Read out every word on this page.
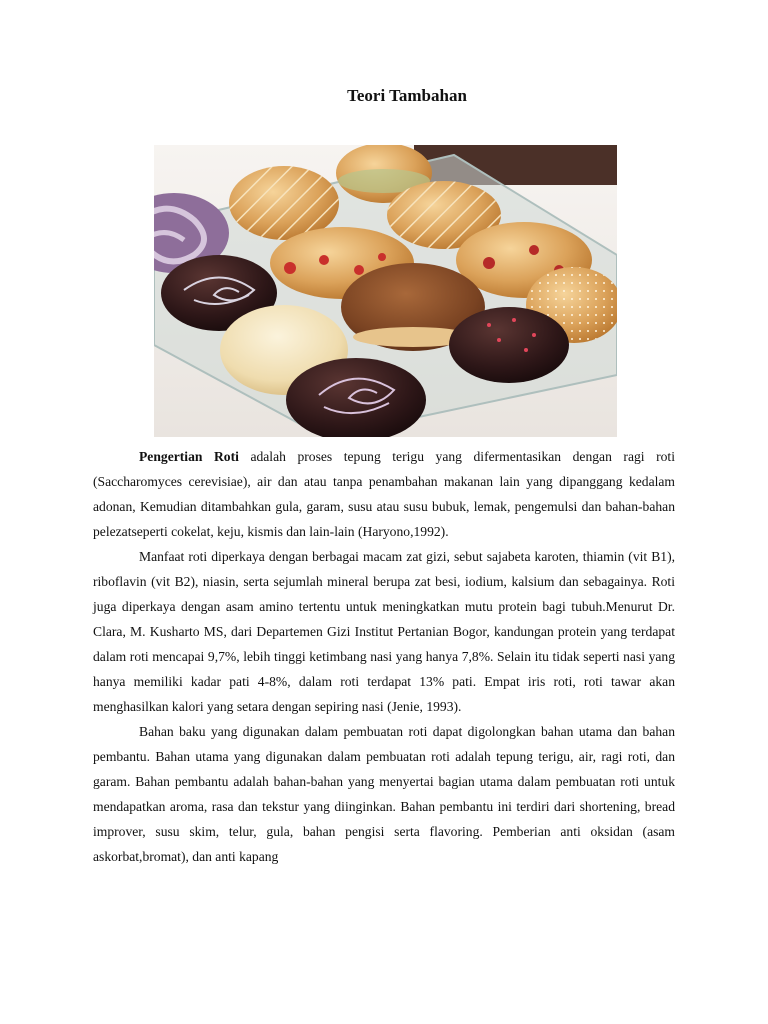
Teori Tambahan

Pengertian Roti adalah proses tepung terigu yang difermentasikan dengan ragi roti (Saccharomyces cerevisiae), air dan atau tanpa penambahan makanan lain yang dipanggang kedalam adonan, Kemudian ditambahkan gula, garam, susu atau susu bubuk, lemak, pengemulsi dan bahan-bahan pelezatseperti cokelat, keju, kismis dan lain-lain (Haryono,1992).

Manfaat roti diperkaya dengan berbagai macam zat gizi, sebut sajabeta karoten, thiamin (vit B1), riboflavin (vit B2), niasin, serta sejumlah mineral berupa zat besi, iodium, kalsium dan sebagainya. Roti juga diperkaya dengan asam amino tertentu untuk meningkatkan mutu protein bagi tubuh.Menurut Dr. Clara, M. Kusharto MS, dari Departemen Gizi Institut Pertanian Bogor, kandungan protein yang terdapat dalam roti mencapai 9,7%, lebih tinggi ketimbang nasi yang hanya 7,8%. Selain itu tidak seperti nasi yang hanya memiliki kadar pati 4-8%, dalam roti terdapat 13% pati. Empat iris roti, roti tawar akan menghasilkan kalori yang setara dengan sepiring nasi (Jenie, 1993).

Bahan baku yang digunakan dalam pembuatan roti dapat digolongkan bahan utama dan bahan pembantu. Bahan utama yang digunakan dalam pembuatan roti adalah tepung terigu, air, ragi roti, dan garam. Bahan pembantu adalah bahan-bahan yang menyertai bagian utama dalam pembuatan roti untuk mendapatkan aroma, rasa dan tekstur yang diinginkan. Bahan pembantu ini terdiri dari shortening, bread improver, susu skim, telur, gula, bahan pengisi serta flavoring. Pemberian anti oksidan (asam askorbat,bromat), dan anti kapang
